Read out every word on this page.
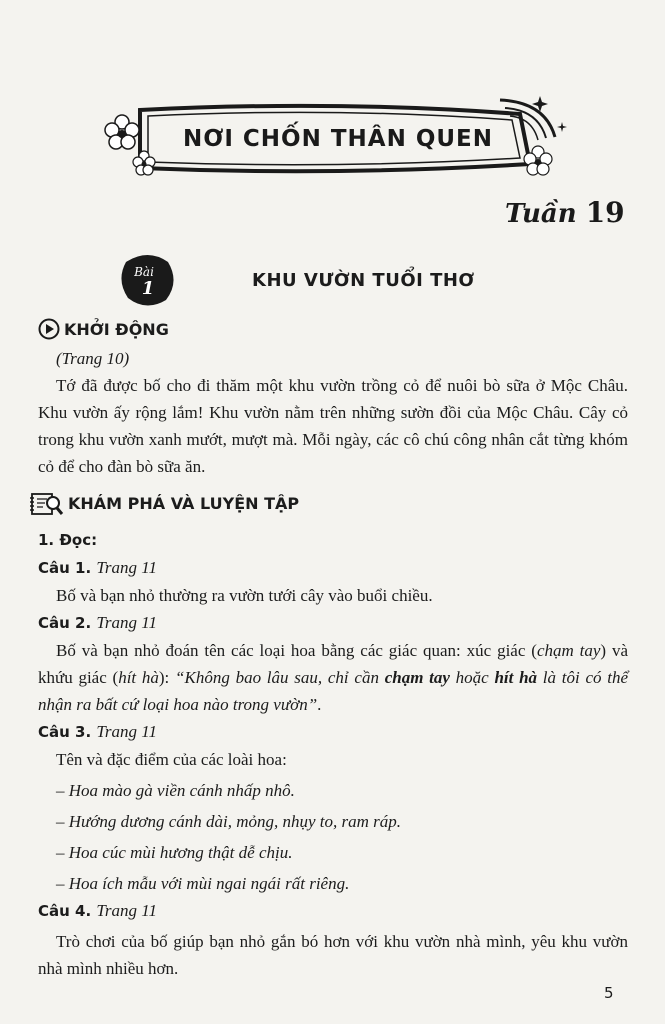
NƠI CHỐN THÂN QUEN
Tuần 19
Bài
1	KHU VƯỜN TUỔI THƠ
KHỞI ĐỘNG

(Trang 10)

Tớ đã được bố cho đi thăm một khu vườn trồng cỏ để nuôi bò sữa ở Mộc Châu. Khu vườn ấy rộng lắm! Khu vườn nằm trên những sườn đồi của Mộc Châu. Cây cỏ trong khu vườn xanh mướt, mượt mà. Mỗi ngày, các cô chú công nhân cắt từng khóm cỏ để cho đàn bò sữa ăn.

KHÁM PHÁ VÀ LUYỆN TẬP

1. Đọc:

Câu 1. Trang 11

Bố và bạn nhỏ thường ra vườn tưới cây vào buổi chiều.

Câu 2. Trang 11

Bố và bạn nhỏ đoán tên các loại hoa bằng các giác quan: xúc giác (chạm tay) và khứu giác (hít hà): “Không bao lâu sau, chỉ cần chạm tay hoặc hít hà là tôi có thể nhận ra bất cứ loại hoa nào trong vườn”.

Câu 3. Trang 11

Tên và đặc điểm của các loài hoa:

– Hoa mào gà viền cánh nhấp nhô.

– Hướng dương cánh dài, mỏng, nhụy to, ram ráp.

– Hoa cúc mùi hương thật dễ chịu.

– Hoa ích mẫu với mùi ngai ngái rất riêng.

Câu 4. Trang 11

Trò chơi của bố giúp bạn nhỏ gắn bó hơn với khu vườn nhà mình, yêu khu vườn nhà mình nhiều hơn.

5
